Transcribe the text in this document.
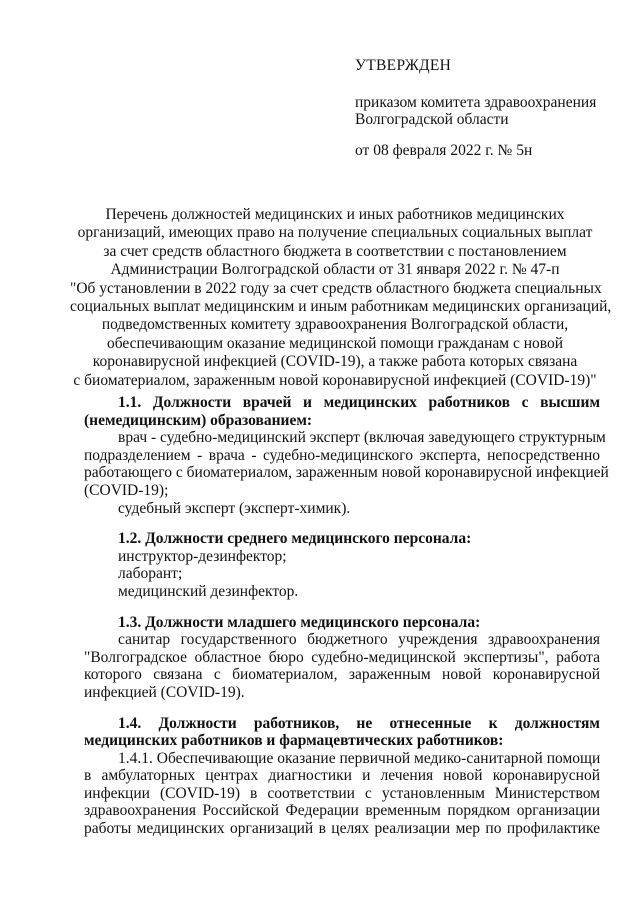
УТВЕРЖДЕН
приказом комитета здравоохранения
Волгоградской области
от 08 февраля 2022 г. № 5н
Перечень должностей медицинских и иных работников медицинских
организаций, имеющих право на получение специальных социальных выплат
за счет средств областного бюджета в соответствии с постановлением
Администрации Волгоградской области от 31 января 2022 г. № 47-п
"Об установлении в 2022 году за счет средств областного бюджета специальных
социальных выплат медицинским и иным работникам медицинских организаций,
подведомственных комитету здравоохранения Волгоградской области,
обеспечивающим оказание медицинской помощи гражданам с новой
коронавирусной инфекцией (COVID-19), а также работа которых связана
с биоматериалом, зараженным новой коронавирусной инфекцией (COVID-19)"
1.1. Должности врачей и медицинских работников с высшим
(немедицинским) образованием:
врач - судебно-медицинский эксперт (включая заведующего структурным
подразделением - врача - судебно-медицинского эксперта, непосредственно
работающего с биоматериалом, зараженным новой коронавирусной инфекцией
(COVID-19);
судебный эксперт (эксперт-химик).
1.2. Должности среднего медицинского персонала:
инструктор-дезинфектор;
лаборант;
медицинский дезинфектор.
1.3. Должности младшего медицинского персонала:
санитар государственного бюджетного учреждения здравоохранения
"Волгоградское областное бюро судебно-медицинской экспертизы", работа
которого связана с биоматериалом, зараженным новой коронавирусной
инфекцией (COVID-19).
1.4. Должности работников, не отнесенные к должностям
медицинских работников и фармацевтических работников:
1.4.1. Обеспечивающие оказание первичной медико-санитарной помощи
в амбулаторных центрах диагностики и лечения новой коронавирусной
инфекции (COVID-19) в соответствии с установленным Министерством
здравоохранения Российской Федерации временным порядком организации
работы медицинских организаций в целях реализации мер по профилактике
